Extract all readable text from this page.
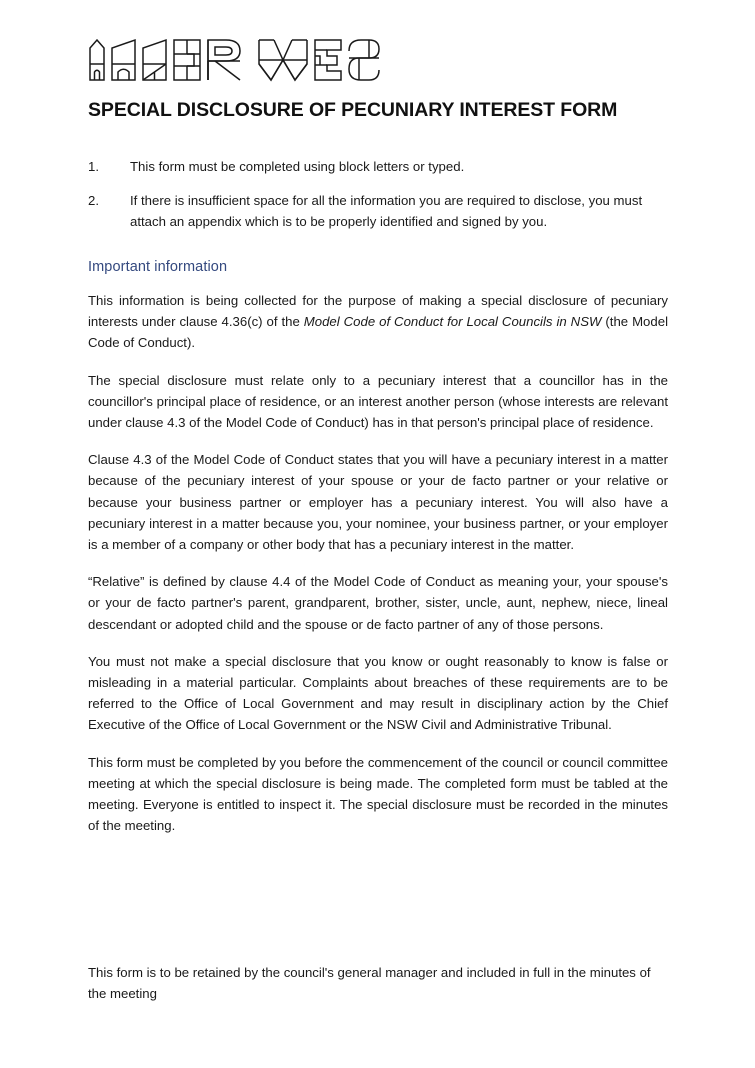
SPECIAL DISCLOSURE OF PECUNIARY INTEREST FORM
1.	This form must be completed using block letters or typed.
2.	If there is insufficient space for all the information you are required to disclose, you must attach an appendix which is to be properly identified and signed by you.
Important information

This information is being collected for the purpose of making a special disclosure of pecuniary interests under clause 4.36(c) of the Model Code of Conduct for Local Councils in NSW (the Model Code of Conduct).

The special disclosure must relate only to a pecuniary interest that a councillor has in the councillor's principal place of residence, or an interest another person (whose interests are relevant under clause 4.3 of the Model Code of Conduct) has in that person's principal place of residence.

Clause 4.3 of the Model Code of Conduct states that you will have a pecuniary interest in a matter because of the pecuniary interest of your spouse or your de facto partner or your relative or because your business partner or employer has a pecuniary interest. You will also have a pecuniary interest in a matter because you, your nominee, your business partner, or your employer is a member of a company or other body that has a pecuniary interest in the matter.

“Relative” is defined by clause 4.4 of the Model Code of Conduct as meaning your, your spouse's or your de facto partner's parent, grandparent, brother, sister, uncle, aunt, nephew, niece, lineal descendant or adopted child and the spouse or de facto partner of any of those persons.

You must not make a special disclosure that you know or ought reasonably to know is false or misleading in a material particular. Complaints about breaches of these requirements are to be referred to the Office of Local Government and may result in disciplinary action by the Chief Executive of the Office of Local Government or the NSW Civil and Administrative Tribunal.

This form must be completed by you before the commencement of the council or council committee meeting at which the special disclosure is being made. The completed form must be tabled at the meeting. Everyone is entitled to inspect it. The special disclosure must be recorded in the minutes of the meeting.

This form is to be retained by the council's general manager and included in full in the minutes of the meeting
